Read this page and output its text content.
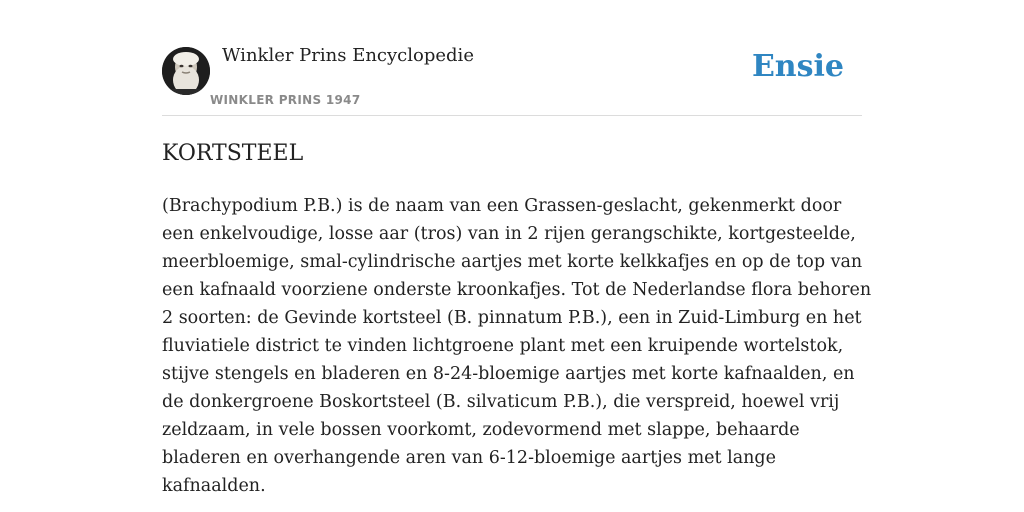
Winkler Prins Encyclopedie
WINKLER PRINS 1947
Ensie
KORTSTEEL

(Brachypodium P.B.) is de naam van een Grassen-geslacht, gekenmerkt door een enkelvoudige, losse aar (tros) van in 2 rijen gerangschikte, kortgesteelde, meerbloemige, smal-cylindrische aartjes met korte kelkkafjes en op de top van een kafnaald voorziene onderste kroonkafjes. Tot de Nederlandse flora behoren 2 soorten: de Gevinde kortsteel (B. pinnatum P.B.), een in Zuid-Limburg en het fluviatiele district te vinden lichtgroene plant met een kruipende wortelstok, stijve stengels en bladeren en 8-24-bloemige aartjes met korte kafnaalden, en de donkergroene Boskortsteel (B. silvaticum P.B.), die verspreid, hoewel vrij zeldzaam, in vele bossen voorkomt, zodevormend met slappe, behaarde bladeren en overhangende aren van 6-12-bloemige aartjes met lange kafnaalden.
